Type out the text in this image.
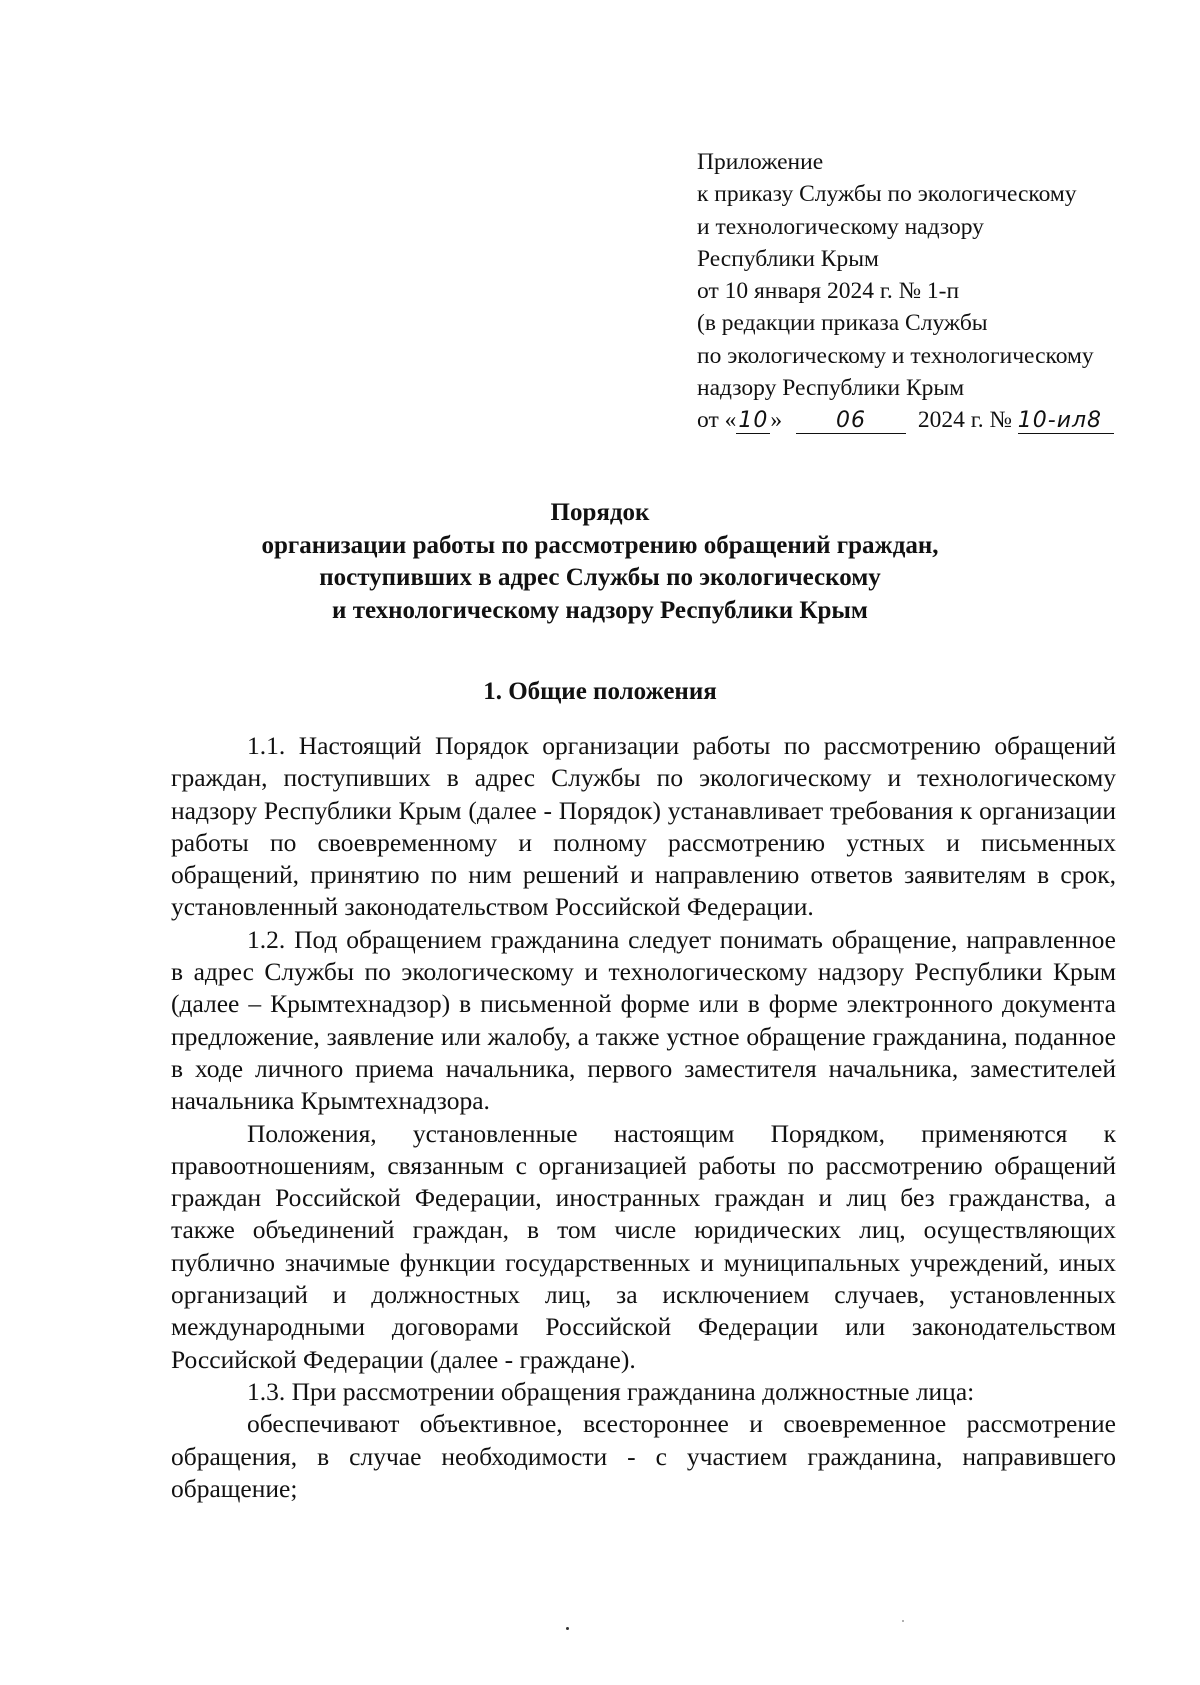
Приложение
к приказу Службы по экологическому
и технологическому надзору
Республики Крым
от 10 января 2024 г. № 1-п
(в редакции приказа Службы
по экологическому и технологическому
надзору Республики Крым
от «10» 06 2024 г. № 10-ил8
Порядок
организации работы по рассмотрению обращений граждан,
поступивших в адрес Службы по экологическому
и технологическому надзору Республики Крым
1. Общие положения

1.1. Настоящий Порядок организации работы по рассмотрению обращений граждан, поступивших в адрес Службы по экологическому и технологическому надзору Республики Крым (далее - Порядок) устанавливает требования к организации работы по своевременному и полному рассмотрению устных и письменных обращений, принятию по ним решений и направлению ответов заявителям в срок, установленный законодательством Российской Федерации.

1.2. Под обращением гражданина следует понимать обращение, направленное в адрес Службы по экологическому и технологическому надзору Республики Крым (далее – Крымтехнадзор) в письменной форме или в форме электронного документа предложение, заявление или жалобу, а также устное обращение гражданина, поданное в ходе личного приема начальника, первого заместителя начальника, заместителей начальника Крымтехнадзора.

Положения, установленные настоящим Порядком, применяются к правоотношениям, связанным с организацией работы по рассмотрению обращений граждан Российской Федерации, иностранных граждан и лиц без гражданства, а также объединений граждан, в том числе юридических лиц, осуществляющих публично значимые функции государственных и муниципальных учреждений, иных организаций и должностных лиц, за исключением случаев, установленных международными договорами Российской Федерации или законодательством Российской Федерации (далее - граждане).

1.3. При рассмотрении обращения гражданина должностные лица:

обеспечивают объективное, всестороннее и своевременное рассмотрение обращения, в случае необходимости - с участием гражданина, направившего обращение;
